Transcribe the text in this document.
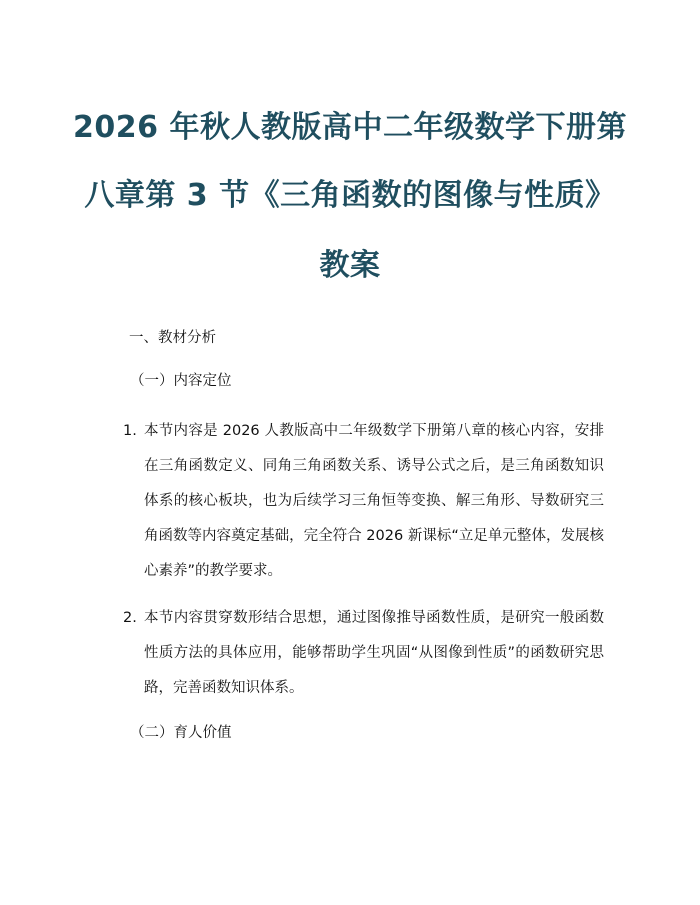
2026 年秋人教版高中二年级数学下册第
八章第 3 节《三角函数的图像与性质》
教案
一、教材分析
（一）内容定位
1. 本节内容是 2026 人教版高中二年级数学下册第八章的核心内容，安排在三角函数定义、同角三角函数关系、诱导公式之后，是三角函数知识体系的核心板块，也为后续学习三角恒等变换、解三角形、导数研究三角函数等内容奠定基础，完全符合 2026 新课标“立足单元整体，发展核心素养”的教学要求。
2. 本节内容贯穿数形结合思想，通过图像推导函数性质，是研究一般函数性质方法的具体应用，能够帮助学生巩固“从图像到性质”的函数研究思路，完善函数知识体系。
（二）育人价值
